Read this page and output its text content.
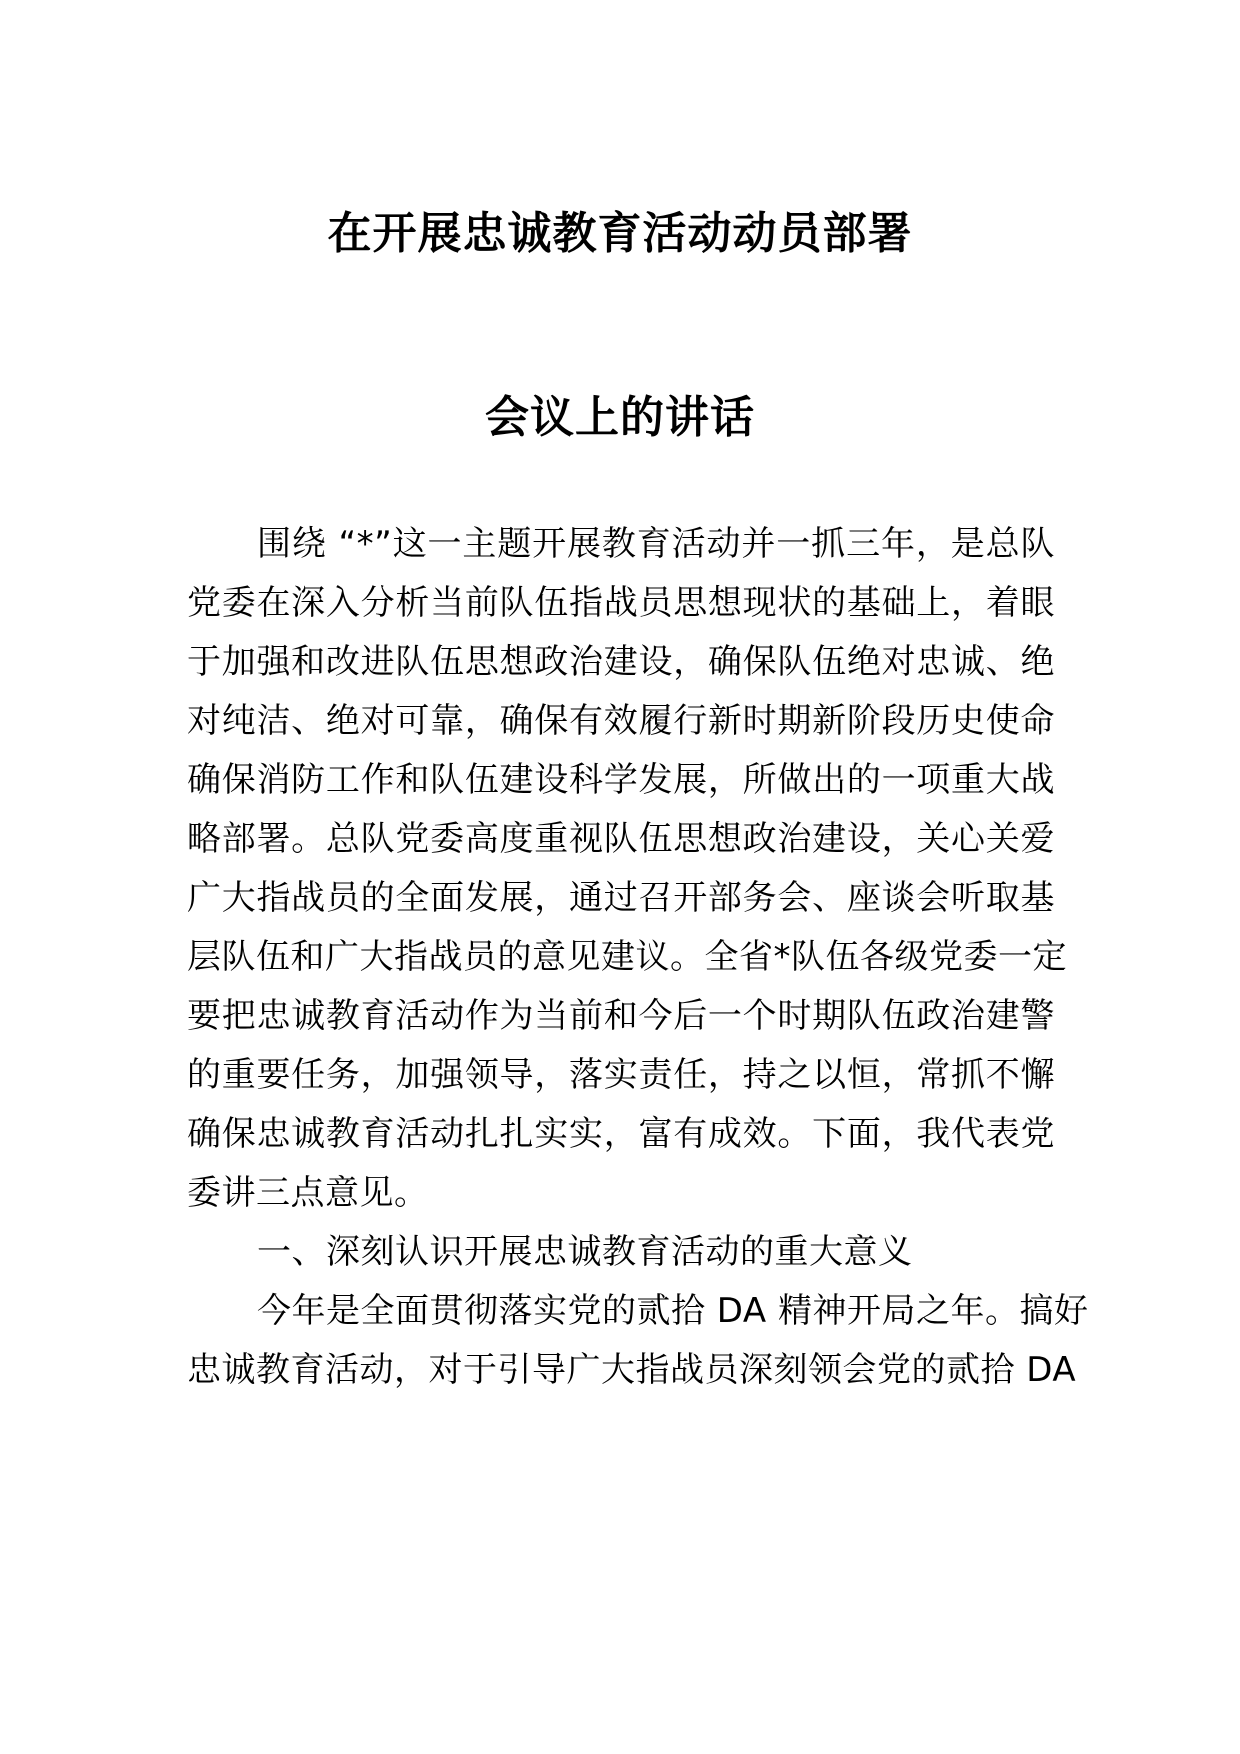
在开展忠诚教育活动动员部署
会议上的讲话
围绕 “*”这一主题开展教育活动并一抓三年，是总队
党委在深入分析当前队伍指战员思想现状的基础上，着眼
于加强和改进队伍思想政治建设，确保队伍绝对忠诚、绝
对纯洁、绝对可靠，确保有效履行新时期新阶段历史使命
确保消防工作和队伍建设科学发展，所做出的一项重大战
略部署。总队党委高度重视队伍思想政治建设，关心关爱
广大指战员的全面发展，通过召开部务会、座谈会听取基
层队伍和广大指战员的意见建议。全省*队伍各级党委一定
要把忠诚教育活动作为当前和今后一个时期队伍政治建警
的重要任务，加强领导，落实责任，持之以恒，常抓不懈
确保忠诚教育活动扎扎实实，富有成效。下面，我代表党
委讲三点意见。
一、深刻认识开展忠诚教育活动的重大意义
今年是全面贯彻落实党的贰拾 DA 精神开局之年。搞好
忠诚教育活动，对于引导广大指战员深刻领会党的贰拾 DA
